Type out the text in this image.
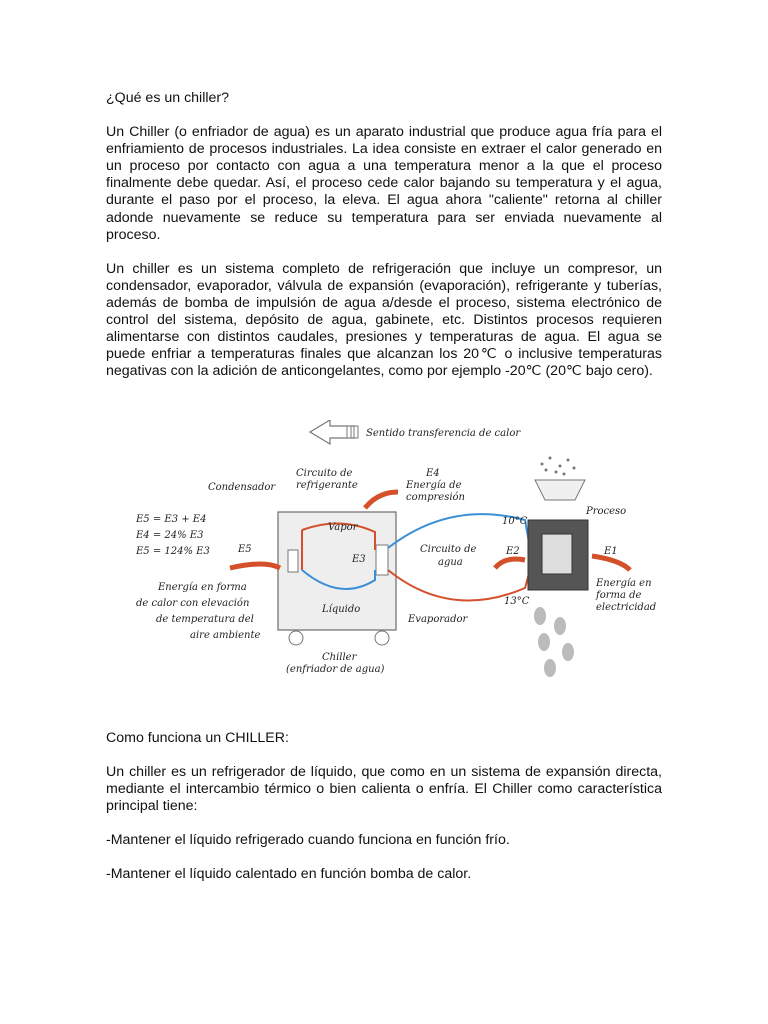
¿Qué es un chiller?

Un Chiller (o enfriador de agua) es un aparato industrial que produce agua fría para el enfriamiento de procesos industriales. La idea consiste en extraer el calor generado en un proceso por contacto con agua a una temperatura menor a la que el proceso finalmente debe quedar. Así, el proceso cede calor bajando su temperatura y el agua, durante el paso por el proceso, la eleva. El agua ahora "caliente" retorna al chiller adonde nuevamente se reduce su temperatura para ser enviada nuevamente al proceso.

Un chiller es un sistema completo de refrigeración que incluye un compresor, un condensador, evaporador, válvula de expansión (evaporación), refrigerante y tuberías, además de bomba de impulsión de agua a/desde el proceso, sistema electrónico de control del sistema, depósito de agua, gabinete, etc. Distintos procesos requieren alimentarse con distintos caudales, presiones y temperaturas de agua. El agua se puede enfriar a temperaturas finales que alcanzan los 20℃ o inclusive temperaturas negativas con la adición de anticongelantes, como por ejemplo -20℃ (20℃ bajo cero).

Sentido transferencia de calor
Condensador
Circuito de
refrigerante
E4
Energía de
compresión
Proceso
E5 = E3 + E4
E4 = 24% E3
E5 = 124% E3	E5
E3
E2	E1
Vapor
Líquido
Circuito de
agua
10°C
13°C
Energía en forma
de calor con elevación
de temperatura del
aire ambiente
Evaporador
Energía en
forma de
electricidad
Chiller
(enfriador de agua)

Como funciona un CHILLER:

Un chiller es un refrigerador de líquido, que como en un sistema de expansión directa, mediante el intercambio térmico o bien calienta o enfría. El Chiller como característica principal tiene:

-Mantener el líquido refrigerado cuando funciona en función frío.

-Mantener el líquido calentado en función bomba de calor.
